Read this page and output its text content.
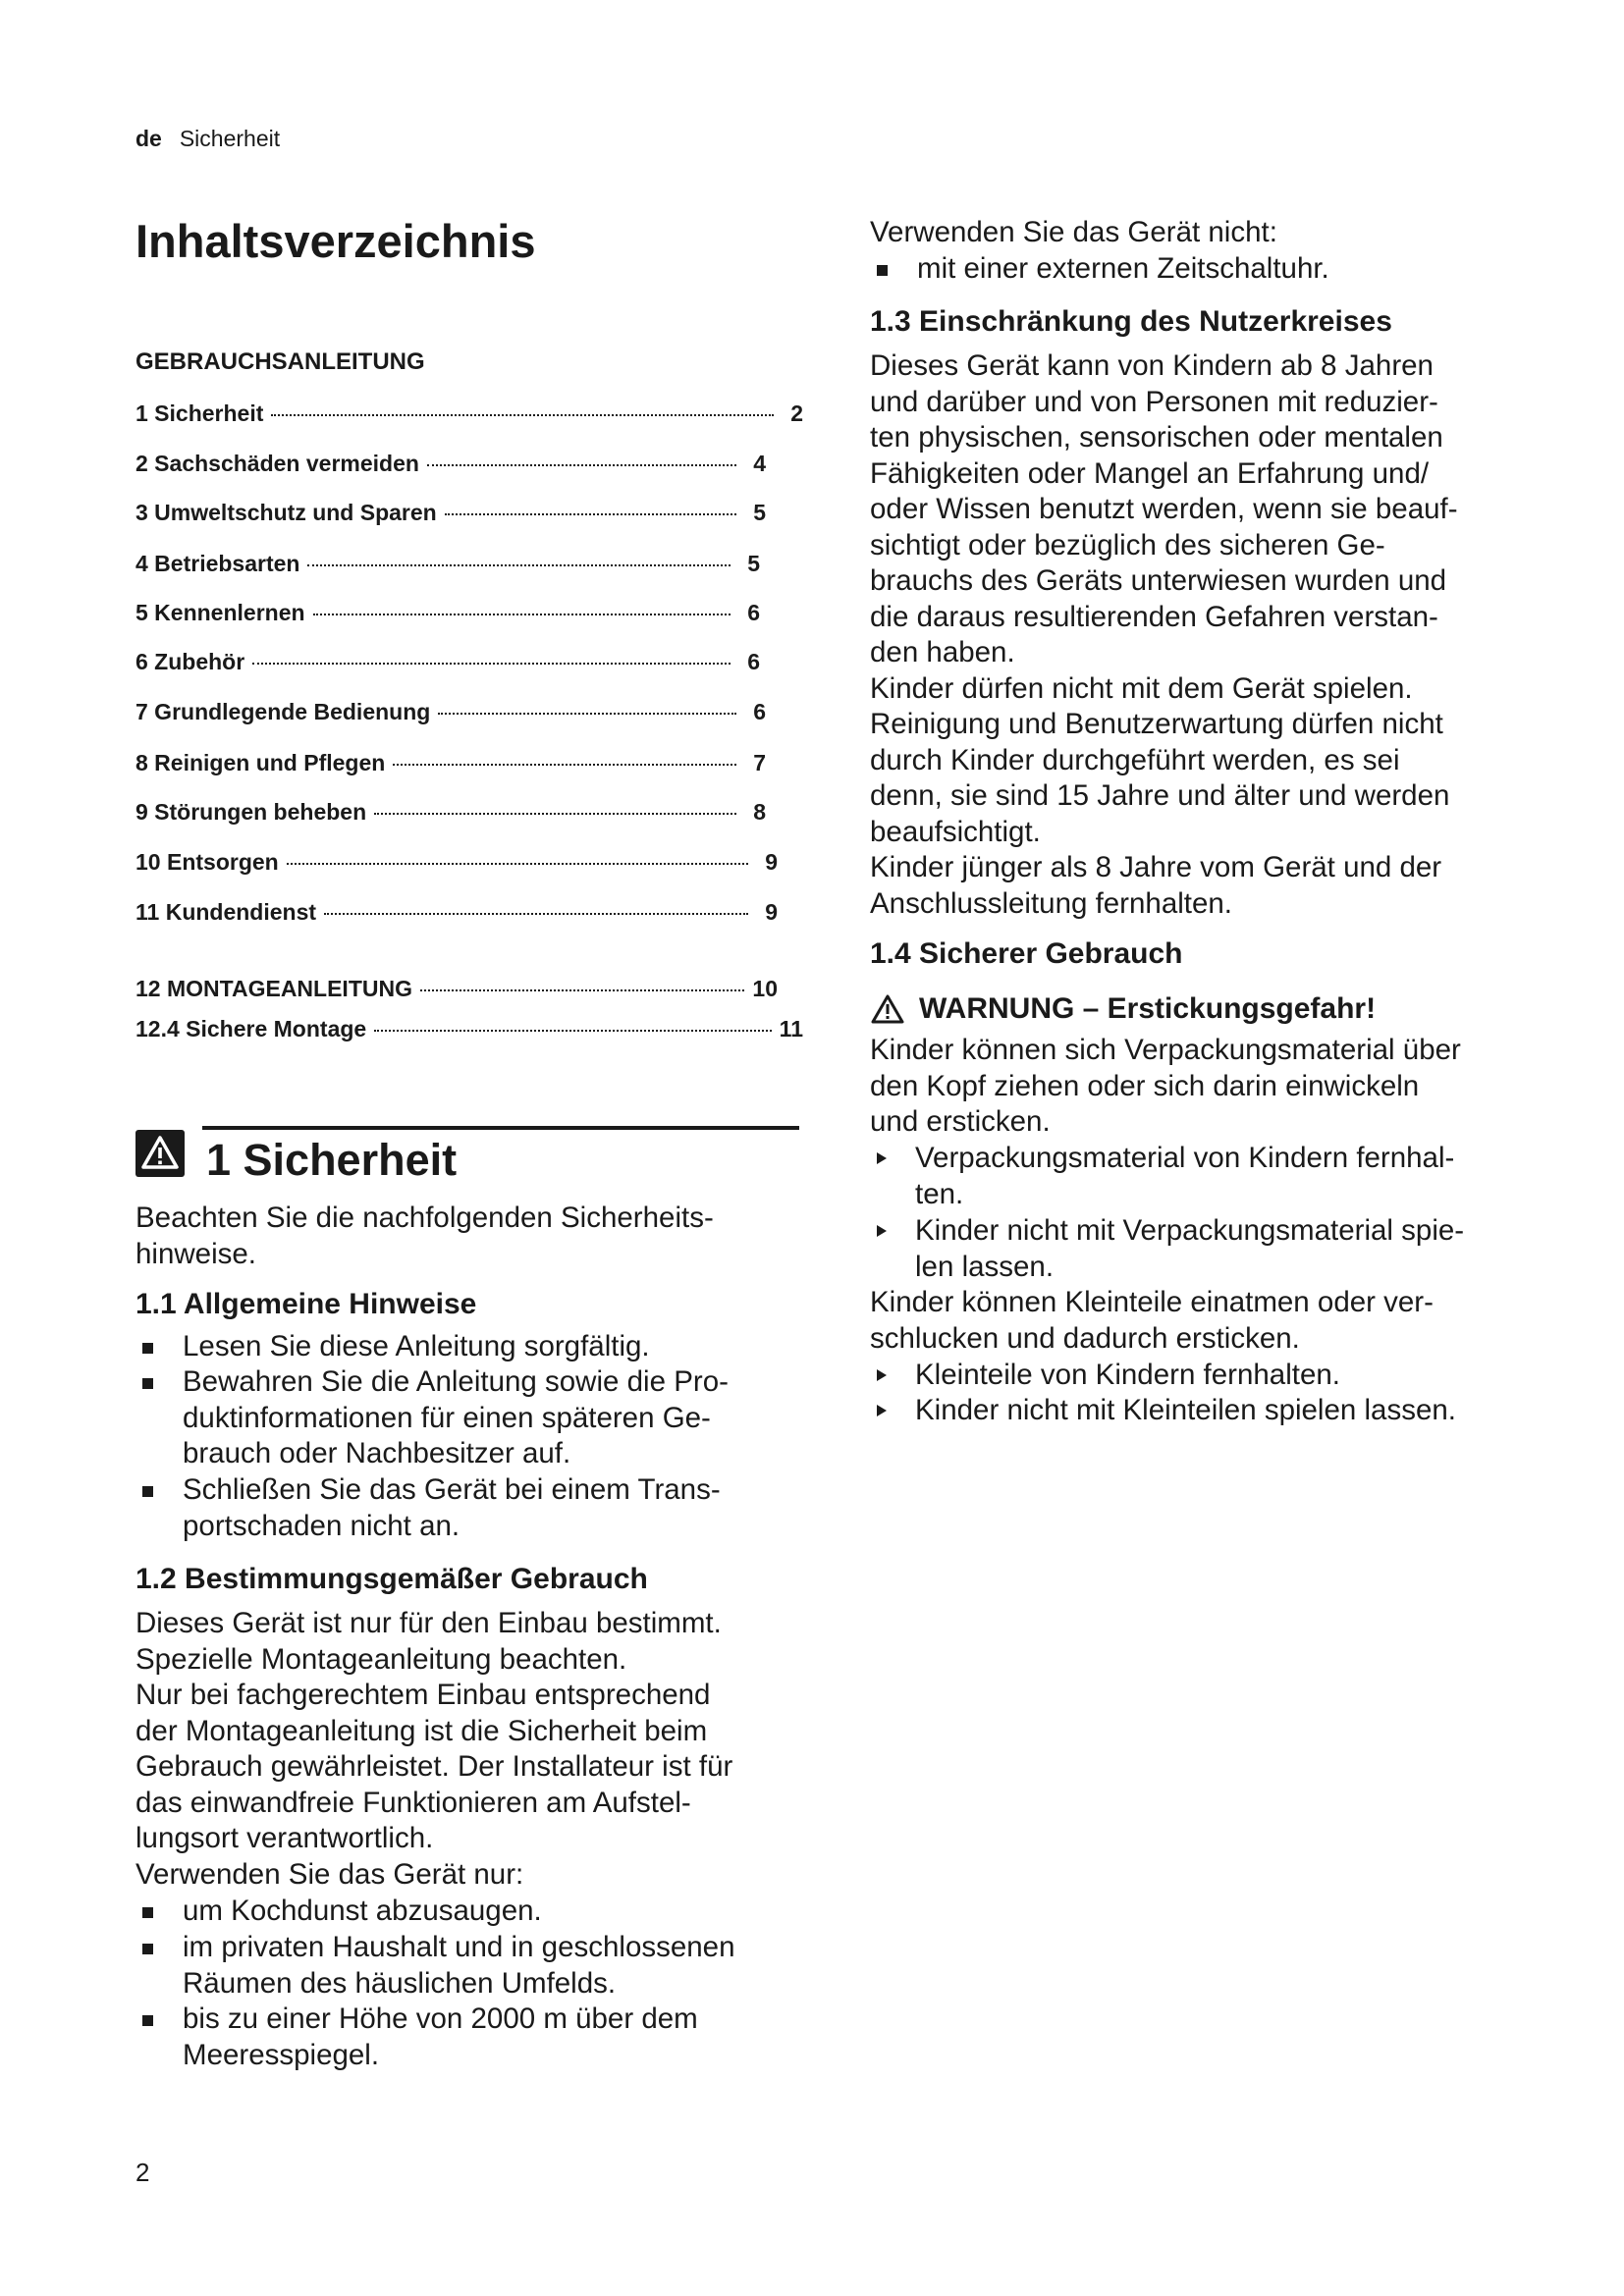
de Sicherheit
Inhaltsverzeichnis
GEBRAUCHSANLEITUNG
1 Sicherheit	2
2 Sachschäden vermeiden	4
3 Umweltschutz und Sparen	5
4 Betriebsarten	5
5 Kennenlernen	6
6 Zubehör	6
7 Grundlegende Bedienung	6
8 Reinigen und Pflegen	7
9 Störungen beheben	8
10 Entsorgen	9
11 Kundendienst	9
12 MONTAGEANLEITUNG	10
12.4 Sichere Montage	11
1 Sicherheit

Beachten Sie die nachfolgenden Sicherheits-
hinweise.

1.1 Allgemeine Hinweise
Lesen Sie diese Anleitung sorgfältig.
Bewahren Sie die Anleitung sowie die Pro-
duktinformationen für einen späteren Ge-
brauch oder Nachbesitzer auf.
Schließen Sie das Gerät bei einem Trans-
portschaden nicht an.
1.2 Bestimmungsgemäßer Gebrauch

Dieses Gerät ist nur für den Einbau bestimmt.
Spezielle Montageanleitung beachten.
Nur bei fachgerechtem Einbau entsprechend
der Montageanleitung ist die Sicherheit beim
Gebrauch gewährleistet. Der Installateur ist für
das einwandfreie Funktionieren am Aufstel-
lungsort verantwortlich.
Verwenden Sie das Gerät nur:

um Kochdunst abzusaugen.
im privaten Haushalt und in geschlossenen
Räumen des häuslichen Umfelds.
bis zu einer Höhe von 2000 m über dem
Meeresspiegel.

Verwenden Sie das Gerät nicht:

mit einer externen Zeitschaltuhr.
1.3 Einschränkung des Nutzerkreises

Dieses Gerät kann von Kindern ab 8 Jahren
und darüber und von Personen mit reduzier-
ten physischen, sensorischen oder mentalen
Fähigkeiten oder Mangel an Erfahrung und/
oder Wissen benutzt werden, wenn sie beauf-
sichtigt oder bezüglich des sicheren Ge-
brauchs des Geräts unterwiesen wurden und
die daraus resultierenden Gefahren verstan-
den haben.
Kinder dürfen nicht mit dem Gerät spielen.
Reinigung und Benutzerwartung dürfen nicht
durch Kinder durchgeführt werden, es sei
denn, sie sind 15 Jahre und älter und werden
beaufsichtigt.
Kinder jünger als 8 Jahre vom Gerät und der
Anschlussleitung fernhalten.

1.4 Sicherer Gebrauch
WARNUNG – Erstickungsgefahr!

Kinder können sich Verpackungsmaterial über
den Kopf ziehen oder sich darin einwickeln
und ersticken.

Verpackungsmaterial von Kindern fernhal-
ten.
Kinder nicht mit Verpackungsmaterial spie-
len lassen.

Kinder können Kleinteile einatmen oder ver-
schlucken und dadurch ersticken.

Kleinteile von Kindern fernhalten.
Kinder nicht mit Kleinteilen spielen lassen.
2
